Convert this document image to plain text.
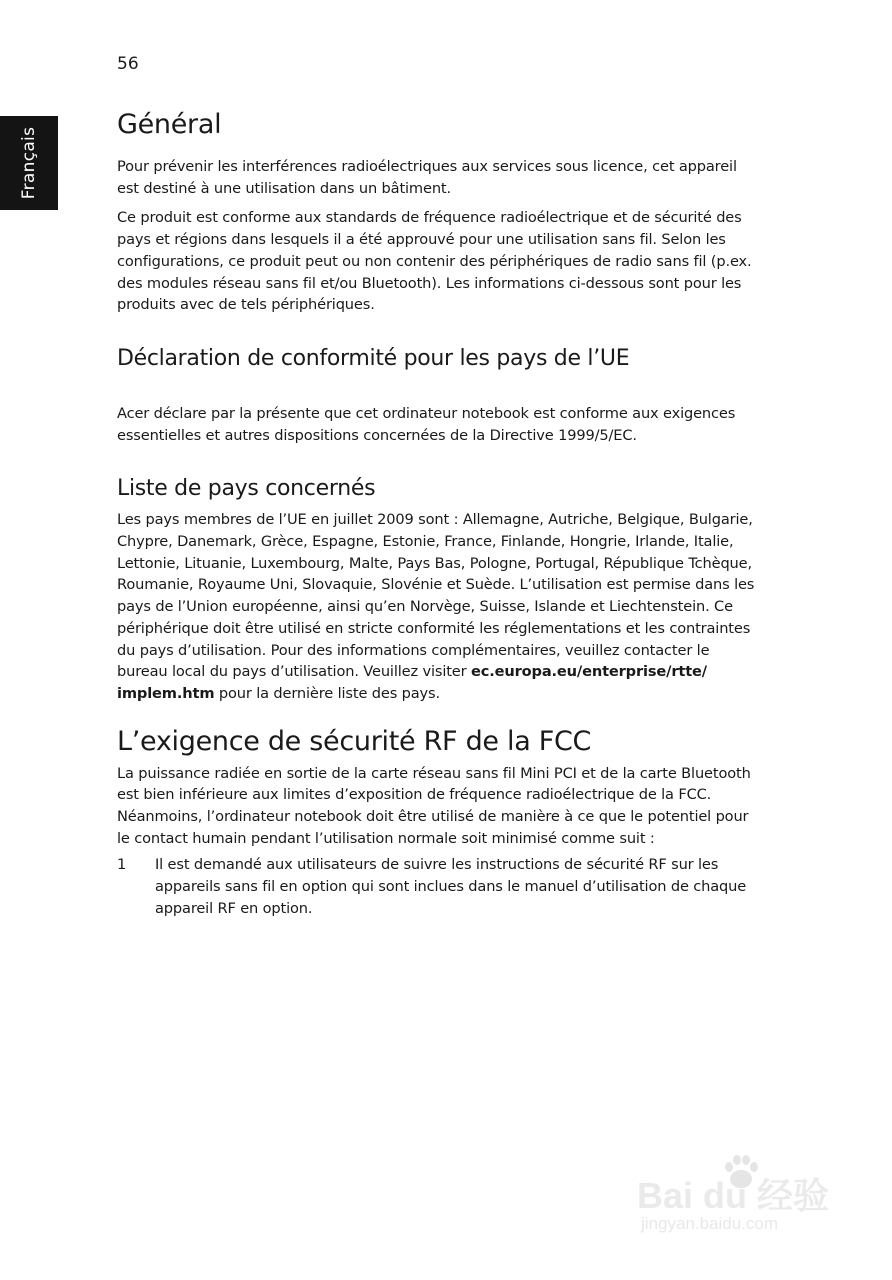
56
Français
Général

Pour prévenir les interférences radioélectriques aux services sous licence, cet appareil est destiné à une utilisation dans un bâtiment.

Ce produit est conforme aux standards de fréquence radioélectrique et de sécurité des pays et régions dans lesquels il a été approuvé pour une utilisation sans fil. Selon les configurations, ce produit peut ou non contenir des périphériques de radio sans fil (p.ex. des modules réseau sans fil et/ou Bluetooth). Les informations ci-dessous sont pour les produits avec de tels périphériques.

Déclaration de conformité pour les pays de l’UE

Acer déclare par la présente que cet ordinateur notebook est conforme aux exigences essentielles et autres dispositions concernées de la Directive 1999/5/EC.

Liste de pays concernés

Les pays membres de l’UE en juillet 2009 sont : Allemagne, Autriche, Belgique, Bulgarie, Chypre, Danemark, Grèce, Espagne, Estonie, France, Finlande, Hongrie, Irlande, Italie, Lettonie, Lituanie, Luxembourg, Malte, Pays Bas, Pologne, Portugal, République Tchèque, Roumanie, Royaume Uni, Slovaquie, Slovénie et Suède. L’utilisation est permise dans les pays de l’Union européenne, ainsi qu’en Norvège, Suisse, Islande et Liechtenstein. Ce périphérique doit être utilisé en stricte conformité les réglementations et les contraintes du pays d’utilisation. Pour des informations complémentaires, veuillez contacter le bureau local du pays d’utilisation. Veuillez visiter ec.europa.eu/enterprise/rtte/ implem.htm pour la dernière liste des pays.

L’exigence de sécurité RF de la FCC

La puissance radiée en sortie de la carte réseau sans fil Mini PCI et de la carte Bluetooth est bien inférieure aux limites d’exposition de fréquence radioélectrique de la FCC. Néanmoins, l’ordinateur notebook doit être utilisé de manière à ce que le potentiel pour le contact humain pendant l’utilisation normale soit minimisé comme suit :

1	Il est demandé aux utilisateurs de suivre les instructions de sécurité RF sur les appareils sans fil en option qui sont inclues dans le manuel d’utilisation de chaque appareil RF en option.

Bai du 经验
jingyan.baidu.com
